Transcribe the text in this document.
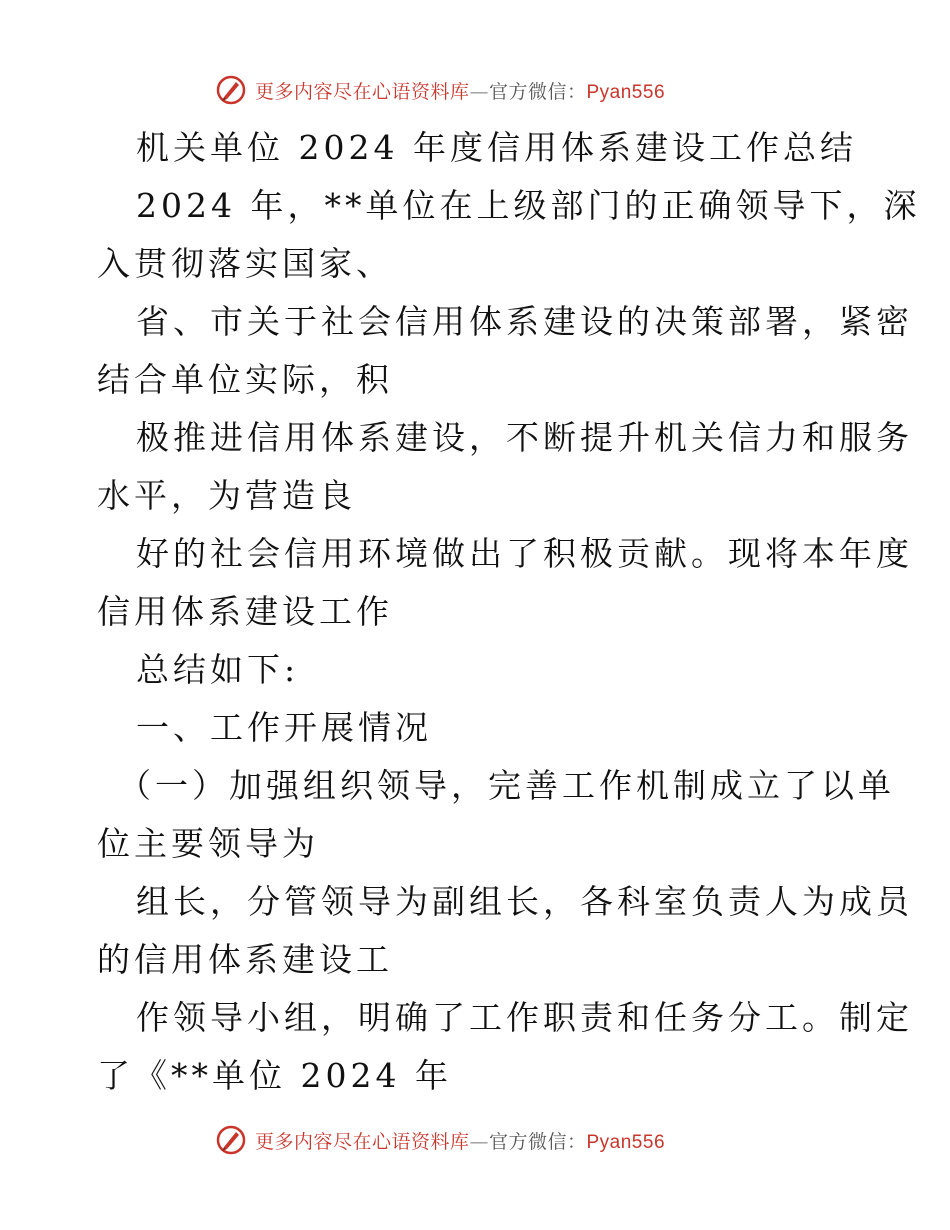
更多内容尽在心语资料库—官方微信：Pyan556
机关单位 2024 年度信用体系建设工作总结
2024 年，**单位在上级部门的正确领导下，深
入贯彻落实国家、
省、市关于社会信用体系建设的决策部署，紧密
结合单位实际，积
极推进信用体系建设，不断提升机关信力和服务
水平，为营造良
好的社会信用环境做出了积极贡献。现将本年度
信用体系建设工作
总结如下:
一、工作开展情况
（一）加强组织领导，完善工作机制成立了以单
位主要领导为
组长，分管领导为副组长，各科室负责人为成员
的信用体系建设工
作领导小组，明确了工作职责和任务分工。制定
了《**单位 2024 年
更多内容尽在心语资料库—官方微信：Pyan556
